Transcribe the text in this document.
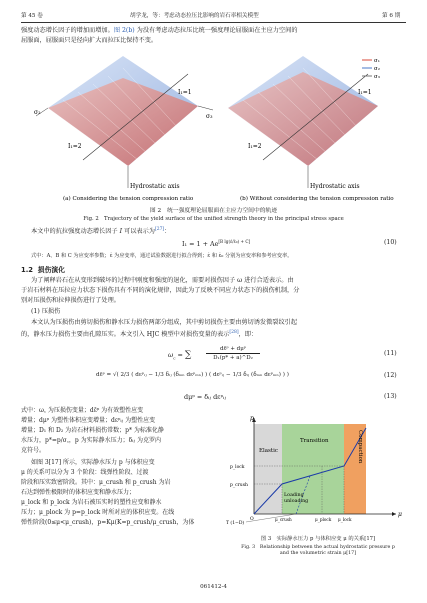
第 45 卷	胡学龙，等：考虑动态拉压比影响的岩石率相关模型	第 6 期
强度动态增长因子的增加而增加。图 2(b) 为没有考虑动态拉压比统一强度理论屈服面在主应力空间的
屈服面，屈服面只是径向扩大而拉压比保持不变。
I₁=1
I₁=2
σ₂
σ₃
Hydrostatic axis
I₁=1
I₁=2
Hydrostatic axis
σ₁
σ₂
σ₃
(a) Considering the tension compression ratio	(b) Without considering the tension compression ratio
图 2　统一强度理论屈服面在主应力空间中的轨迹
Fig. 2　Trajectory of the yield surface of the unified strength theory in the principal stress space
本文中的抗拉强度动态增长因子 I 可以表示为[27]：
I₁ = 1 + Ae[B lg(ε̇/ε̇₀) + C]	(10)
式中：A、B 和 C 为应变率参数；ε̇ 为应变率，通过试验数据进行拟合得到；ε̇ 和 ε̇₀ 分别为应变率和参考应变率。
1.2 损伤演化
为了阐释岩石在从变形到破坏的过程中刚度和强度的退化，需要对损伤因子 ω 进行合适表示。由
于岩石材料在压拉应力状态下损伤具有不同的演化规律，因此为了反映不同应力状态下的损伤机制，分
别对压损伤和拉伸损伤进行了处理。
(1) 压损伤
本文认为压损伤由剪切损伤和静水压力损伤两部分组成，其中剪切损伤主要由剪切诱发微裂纹引起
的，静水压力损伤主要由孔隙压实。本文引入 HJC 模型中对损伤变量的表示[28]，即：
$\omega_c$ = ∑
dε̄ᵖ + dμᵖ
D₁(p* + a)^D₂
(11)
dε̄ᵖ = √( 2/3 ( dεᵖᵢⱼ − 1/3 δᵢⱼ (δₘₙ dεᵖₘₙ) ) ( dεᵖᵢⱼ − 1/3 δᵢⱼ (δₘₙ dεᵖₘₙ) ) )	(12)
dμᵖ = δᵢⱼ dεᵖᵢⱼ	(13)
式中：ω꜀ 为压损伤变量；dε̄ᵖ 为有效塑性应变
增量；dμᵖ 为塑性体积应变增量；dεᵖᵢⱼ 为塑性应变
增量；D₁ 和 D₂ 为岩石材料损伤常数；p* 为标准化静
水压力，p*=p/σ꜀，p 为实际静水压力；δᵢⱼ 为克罗内
克符号。
如图 3[17] 所示，实际静水压力 p 与体积应变
μ 的关系可以分为 3 个阶段：线弹性阶段、过渡
阶段和压实致密阶段。其中：μ_crush 和 p_crush 为岩
石达到弹性极限时的体积应变和静水压力；
μ_lock 和 p_lock 为岩石被压实时的塑性应变和静水
压力；μ_plock 为 p=p_lock 时所对应的体积应变。在线
弹性阶段(0≤μ<μ_crush)，p=Kμ(K=p_crush/μ_crush，为体
p
μ
Elastic
Transition	Compaction
p_lock
p_crush
T (1−D)
O	μ_crush	μ_plock μ_lock
Loading
unloading
图 3　实际静水压力 p 与体积应变 μ 的关系[17]
Fig. 3　Relationship between the actual hydrostatic pressure p
and the volumetric strain μ[17]
061412-4
